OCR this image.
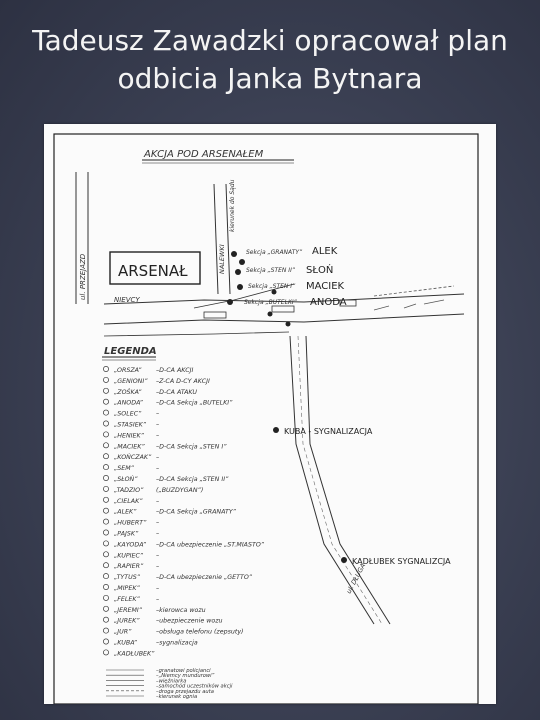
Tadeusz Zawadzki opracował plan
odbicia Janka Bytnara
AKCJA POD ARSENAŁEM
ul. PRZEJAZD	NALEWKI
kierunek do Sądu
ARSENAŁ
NIEVCY
ul. DŁUGA
Sekcja „GRANATY” ALEK
Sekcja „STEN II” SŁOŃ
Sekcja „STEN I” MACIEK
Sekcja „BUTELKI” ANODA
KUBA - SYGNALIZACJA
KADŁUBEK SYGNALIZCJA
LEGENDA
„ORSZA” –D-CA AKCJI
„GENIONI” –Z-CA D-CY AKCJI
„ZOŚKA” –D-CA ATAKU
„ANODA” –D-CA Sekcja „BUTELKI”
„SOLEC” –
„STASIEK” –
„HENIEK” –
„MACIEK” –D-CA Sekcja „STEN I”
„KOŃCZAK” –
„SEM”	–
„SŁOŃ”	–D-CA Sekcja „STEN II”
„TADZIO” („BUZDYGAN”)
„CIELAK” –
„ALEK”	–D-CA Sekcja „GRANATY”
„HUBERT” –
„PAJSK”	–
„KAYODA” –D-CA ubezpieczenie „ST.MIASTO”
„KUPIEC” –
„RAPIER” –
„TYTUS”	–D-CA ubezpieczenie „GETTO”
„MIPEK”	–
„FELEK”	–
„JEREMI” –kierowca wozu
„JUREK”	–ubezpieczenie wozu
„JUR”	–obsługa telefonu (zepsuty)
„KUBA”	–sygnalizacja
„KADŁUBEK”
–granatowi policjanci
–„Niemcy mundurowi”
–więźniarka
–samochód uczestników akcji
–droga przejazdu auta
–kierunek ognia
